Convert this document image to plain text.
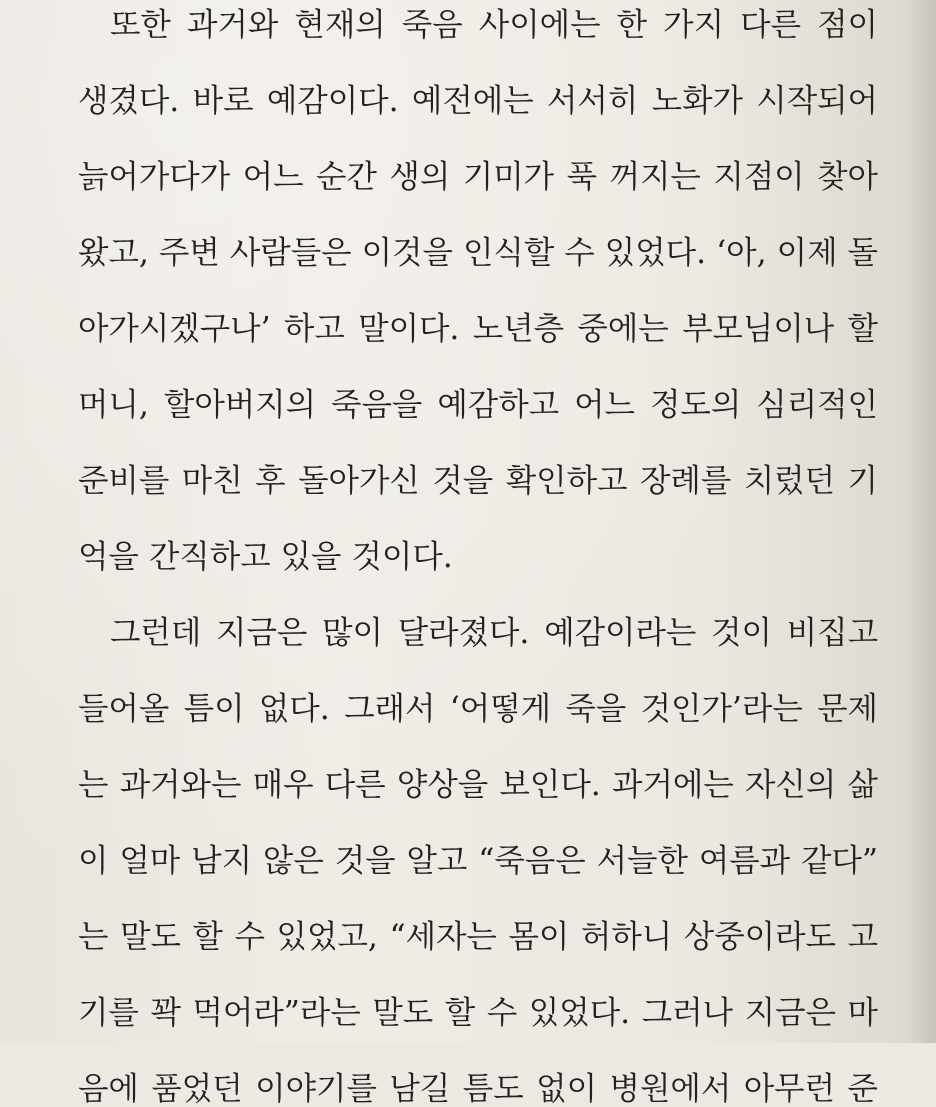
또한 과거와 현재의 죽음 사이에는 한 가지 다른 점이
생겼다. 바로 예감이다. 예전에는 서서히 노화가 시작되어
늙어가다가 어느 순간 생의 기미가 푹 꺼지는 지점이 찾아
왔고, 주변 사람들은 이것을 인식할 수 있었다. ‘아, 이제 돌
아가시겠구나’ 하고 말이다. 노년층 중에는 부모님이나 할
머니, 할아버지의 죽음을 예감하고 어느 정도의 심리적인
준비를 마친 후 돌아가신 것을 확인하고 장례를 치렀던 기
억을 간직하고 있을 것이다.
그런데 지금은 많이 달라졌다. 예감이라는 것이 비집고
들어올 틈이 없다. 그래서 ‘어떻게 죽을 것인가’라는 문제
는 과거와는 매우 다른 양상을 보인다. 과거에는 자신의 삶
이 얼마 남지 않은 것을 알고 “죽음은 서늘한 여름과 같다”
는 말도 할 수 있었고, “세자는 몸이 허하니 상중이라도 고
기를 꽉 먹어라”라는 말도 할 수 있었다. 그러나 지금은 마
음에 품었던 이야기를 남길 틈도 없이 병원에서 아무런 준
